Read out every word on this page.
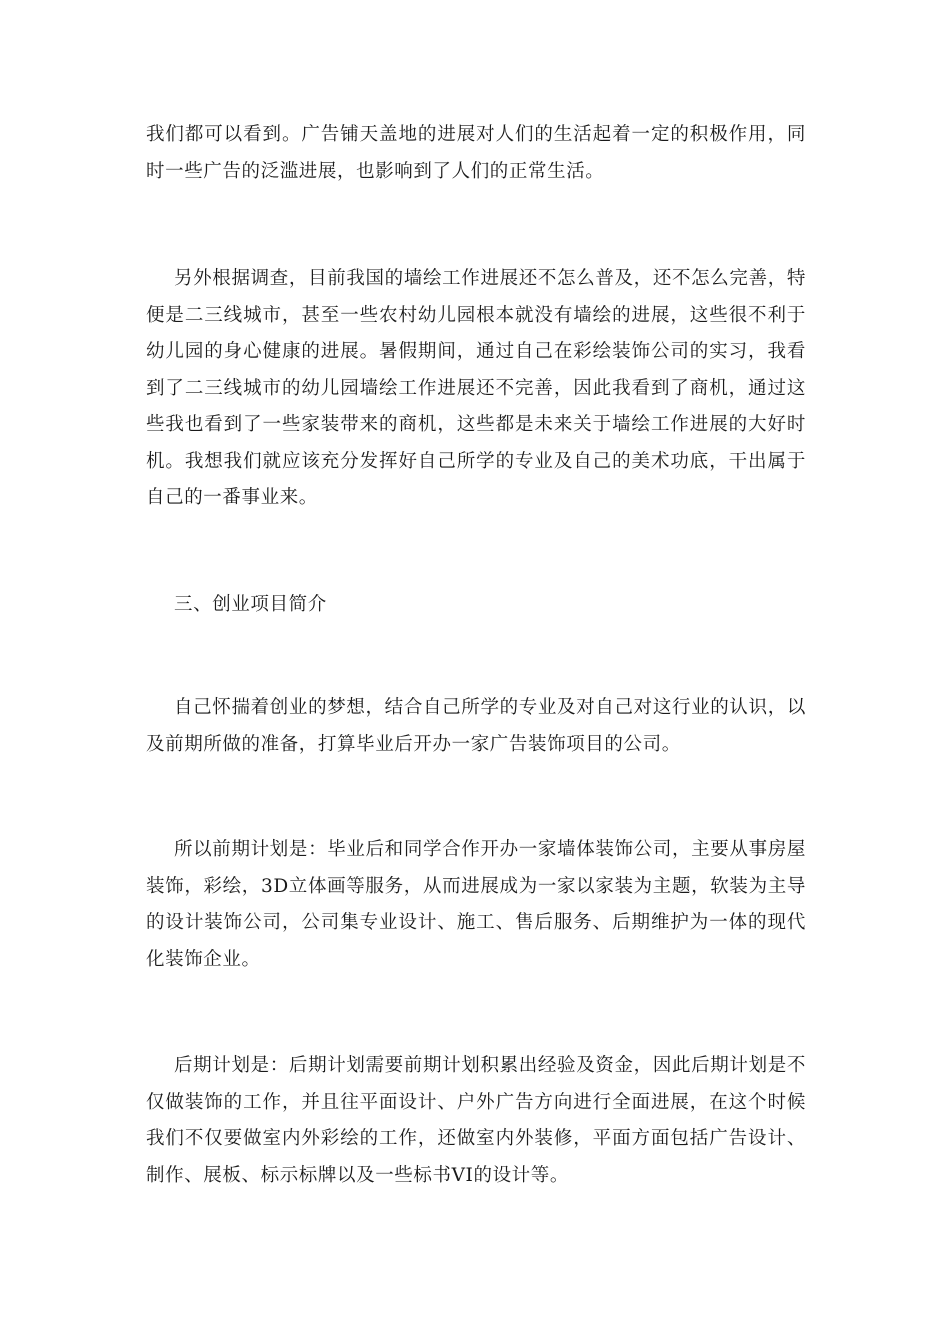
我们都可以看到。广告铺天盖地的进展对人们的生活起着一定的积极作用，同时一些广告的泛滥进展，也影响到了人们的正常生活。

另外根据调查，目前我国的墙绘工作进展还不怎么普及，还不怎么完善，特便是二三线城市，甚至一些农村幼儿园根本就没有墙绘的进展，这些很不利于幼儿园的身心健康的进展。暑假期间，通过自己在彩绘装饰公司的实习，我看到了二三线城市的幼儿园墙绘工作进展还不完善，因此我看到了商机，通过这些我也看到了一些家装带来的商机，这些都是未来关于墙绘工作进展的大好时机。我想我们就应该充分发挥好自己所学的专业及自己的美术功底，干出属于自己的一番事业来。

三、创业项目简介

自己怀揣着创业的梦想，结合自己所学的专业及对自己对这行业的认识，以及前期所做的准备，打算毕业后开办一家广告装饰项目的公司。

所以前期计划是：毕业后和同学合作开办一家墙体装饰公司，主要从事房屋装饰，彩绘，3D立体画等服务，从而进展成为一家以家装为主题，软装为主导的设计装饰公司，公司集专业设计、施工、售后服务、后期维护为一体的现代化装饰企业。

后期计划是：后期计划需要前期计划积累出经验及资金，因此后期计划是不仅做装饰的工作，并且往平面设计、户外广告方向进行全面进展，在这个时候我们不仅要做室内外彩绘的工作，还做室内外装修，平面方面包括广告设计、制作、展板、标示标牌以及一些标书VI的设计等。
